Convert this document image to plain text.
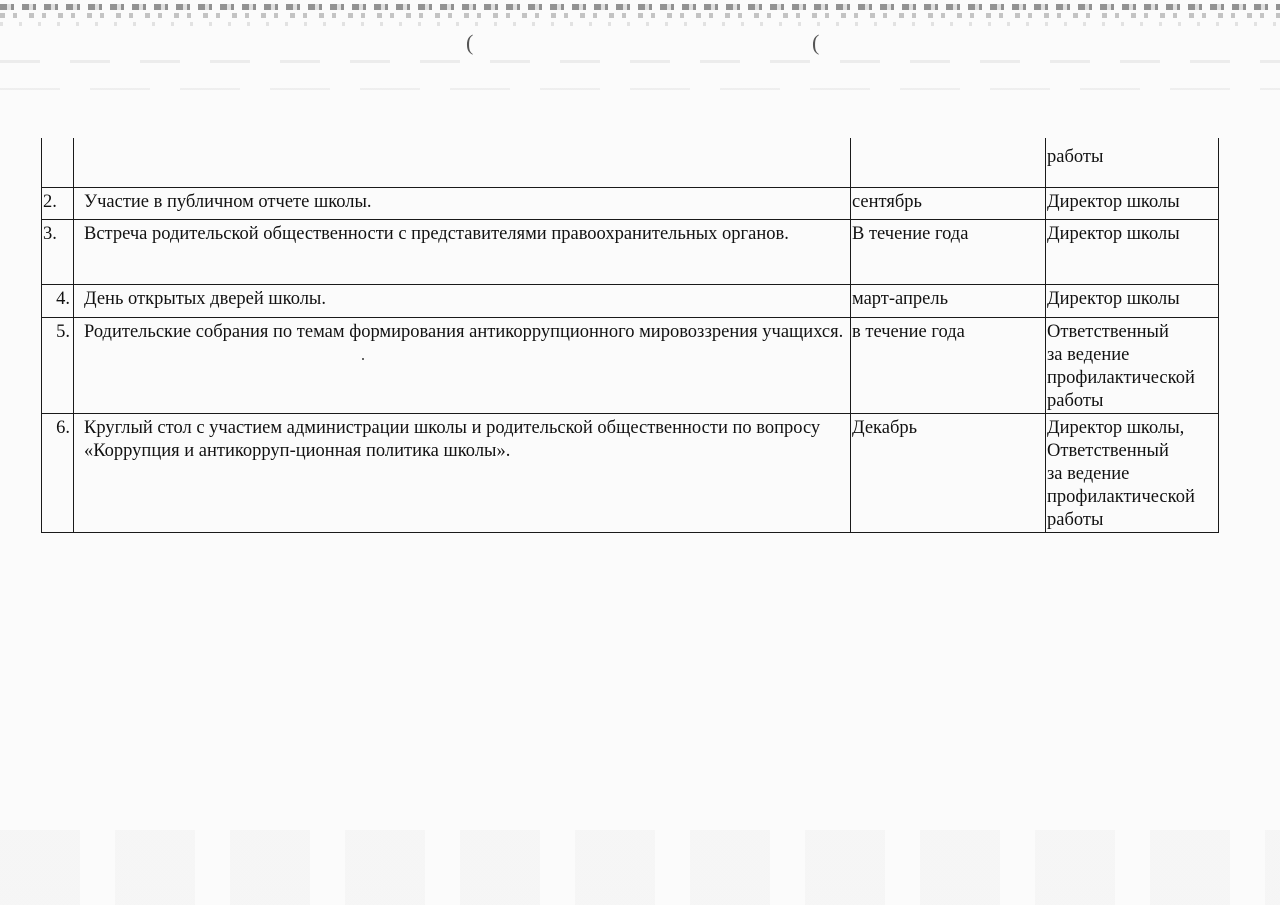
(	(

			работы

2.	Участие в публичном отчете школы.	сентябрь	Директор школы

3.	Встреча родительской общественности с представителями правоохранительных органов.	В течение года	Директор школы

4.	День открытых дверей школы.	март-апрель	Директор школы

5.	Родительские собрания по темам формирования антикоррупционного мировоззрения учащихся.	в течение года	Ответственный
за ведение
профилактической
работы

6.	Круглый стол с участием администрации школы и родительской общественности по вопросу «Коррупция и антикорруп-ционная политика школы».	Декабрь	Директор школы,
Ответственный
за ведение
профилактической
работы
